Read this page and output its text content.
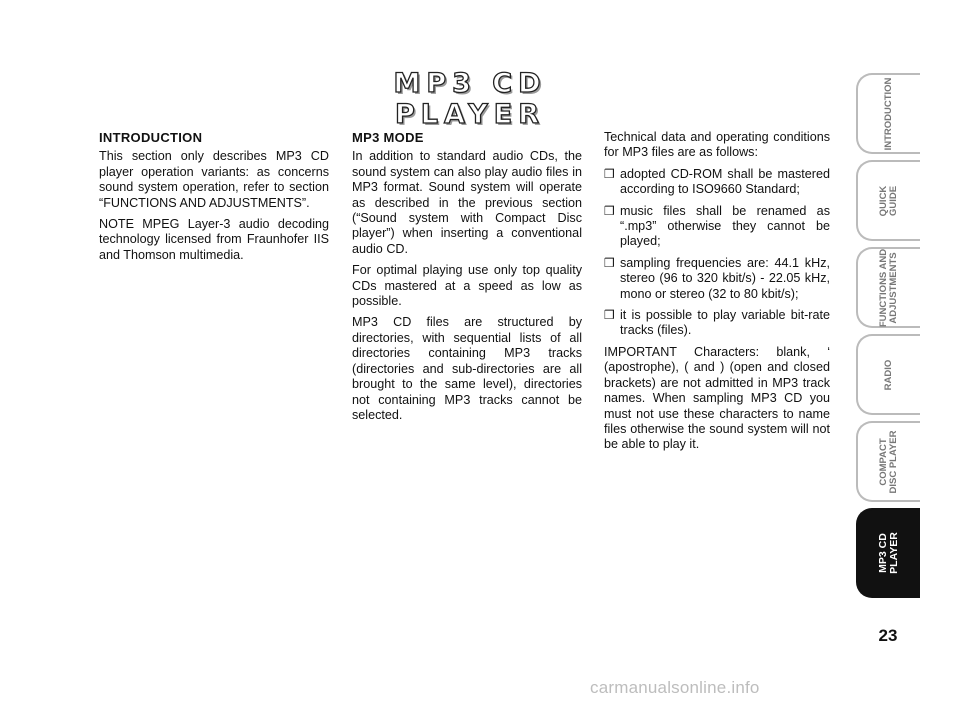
MP3 CD PLAYER
INTRODUCTION

This section only describes MP3 CD player operation variants: as concerns sound system operation, refer to section “FUNCTIONS AND ADJUSTMENTS”.

NOTE MPEG Layer-3 audio decoding technology licensed from Fraunhofer IIS and Thomson multimedia.

MP3 MODE

In addition to standard audio CDs, the sound system can also play audio files in MP3 format. Sound system will operate as described in the previous section (“Sound system with Compact Disc player”) when inserting a conventional audio CD.

For optimal playing use only top quality CDs mastered at a speed as low as possible.

MP3 CD files are structured by directories, with sequential lists of all directories containing MP3 tracks (directories and sub-directories are all brought to the same level), directories not containing MP3 tracks cannot be selected.

Technical data and operating conditions for MP3 files are as follows:

❒ adopted CD-ROM shall be mastered according to ISO9660 Standard;
❒ music files shall be renamed as “.mp3” otherwise they cannot be played;
❒ sampling frequencies are: 44.1 kHz, stereo (96 to 320 kbit/s) - 22.05 kHz, mono or stereo (32 to 80 kbit/s);
❒ it is possible to play variable bit-rate tracks (files).

IMPORTANT Characters: blank, ‘ (apostrophe), ( and ) (open and closed brackets) are not admitted in MP3 track names. When sampling MP3 CD you must not use these characters to name files otherwise the sound system will not be able to play it.

INTRODUCTION
QUICK
GUIDE
FUNCTIONS AND
ADJUSTMENTS
RADIO
COMPACT
DISC PLAYER
MP3 CD
PLAYER
23
carmanualsonline.info
